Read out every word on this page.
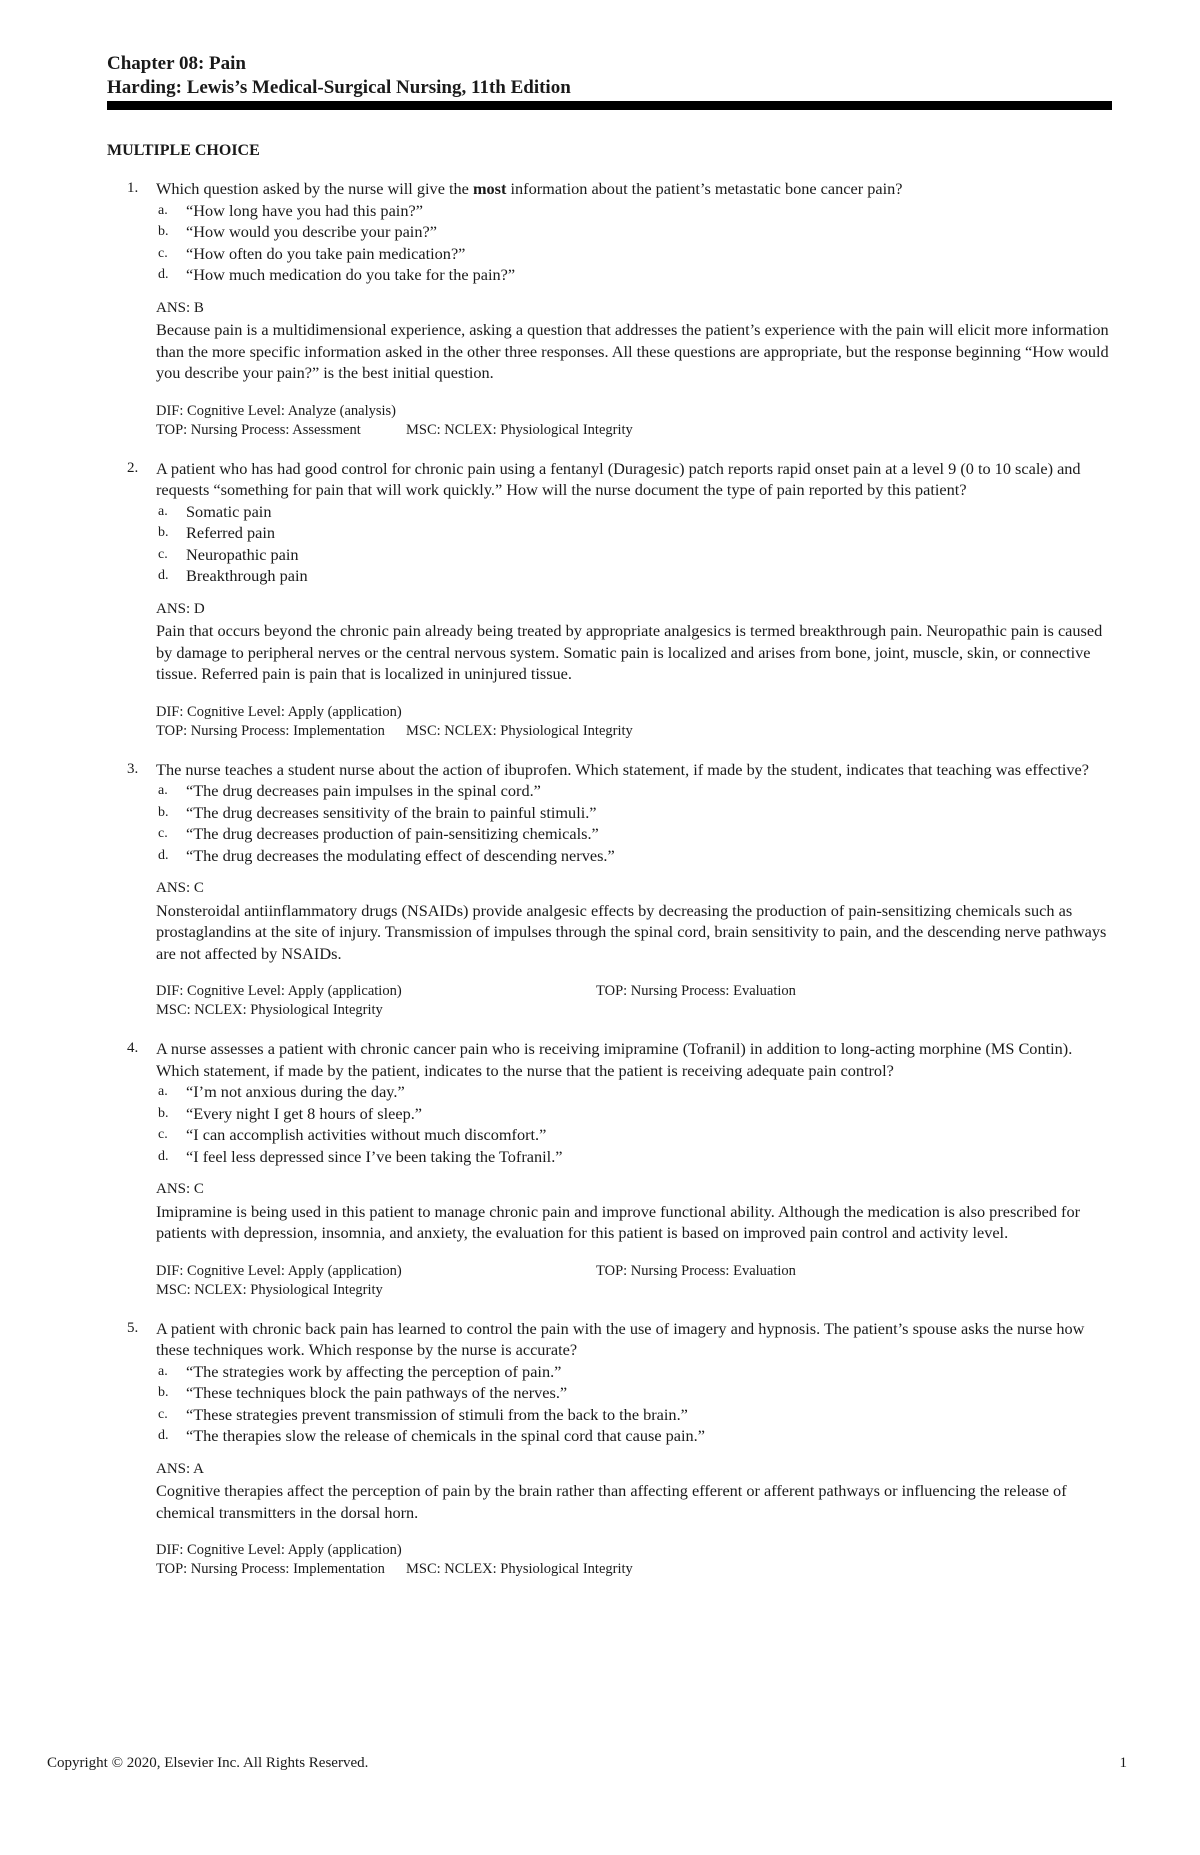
Chapter 08: Pain
Harding: Lewis’s Medical-Surgical Nursing, 11th Edition
MULTIPLE CHOICE
1. Which question asked by the nurse will give the most information about the patient’s metastatic bone cancer pain?
a. “How long have you had this pain?”
b. “How would you describe your pain?”
c. “How often do you take pain medication?”
d. “How much medication do you take for the pain?”
ANS: B
Because pain is a multidimensional experience, asking a question that addresses the patient’s experience with the pain will elicit more information than the more specific information asked in the other three responses. All these questions are appropriate, but the response beginning “How would you describe your pain?” is the best initial question.
DIF: Cognitive Level: Analyze (analysis)
TOP: Nursing Process: Assessment	MSC: NCLEX: Physiological Integrity
2. A patient who has had good control for chronic pain using a fentanyl (Duragesic) patch reports rapid onset pain at a level 9 (0 to 10 scale) and requests “something for pain that will work quickly.” How will the nurse document the type of pain reported by this patient?
a. Somatic pain
b. Referred pain
c. Neuropathic pain
d. Breakthrough pain
ANS: D
Pain that occurs beyond the chronic pain already being treated by appropriate analgesics is termed breakthrough pain. Neuropathic pain is caused by damage to peripheral nerves or the central nervous system. Somatic pain is localized and arises from bone, joint, muscle, skin, or connective tissue. Referred pain is pain that is localized in uninjured tissue.
DIF: Cognitive Level: Apply (application)
TOP: Nursing Process: Implementation MSC: NCLEX: Physiological Integrity
3. The nurse teaches a student nurse about the action of ibuprofen. Which statement, if made by the student, indicates that teaching was effective?
a. “The drug decreases pain impulses in the spinal cord.”
b. “The drug decreases sensitivity of the brain to painful stimuli.”
c. “The drug decreases production of pain-sensitizing chemicals.”
d. “The drug decreases the modulating effect of descending nerves.”
ANS: C
Nonsteroidal antiinflammatory drugs (NSAIDs) provide analgesic effects by decreasing the production of pain-sensitizing chemicals such as prostaglandins at the site of injury. Transmission of impulses through the spinal cord, brain sensitivity to pain, and the descending nerve pathways are not affected by NSAIDs.
DIF: Cognitive Level: Apply (application)	TOP: Nursing Process: Evaluation
MSC: NCLEX: Physiological Integrity
4. A nurse assesses a patient with chronic cancer pain who is receiving imipramine (Tofranil) in addition to long-acting morphine (MS Contin). Which statement, if made by the patient, indicates to the nurse that the patient is receiving adequate pain control?
a. “I’m not anxious during the day.”
b. “Every night I get 8 hours of sleep.”
c. “I can accomplish activities without much discomfort.”
d. “I feel less depressed since I’ve been taking the Tofranil.”
ANS: C
Imipramine is being used in this patient to manage chronic pain and improve functional ability. Although the medication is also prescribed for patients with depression, insomnia, and anxiety, the evaluation for this patient is based on improved pain control and activity level.
DIF: Cognitive Level: Apply (application)	TOP: Nursing Process: Evaluation
MSC: NCLEX: Physiological Integrity
5. A patient with chronic back pain has learned to control the pain with the use of imagery and hypnosis. The patient’s spouse asks the nurse how these techniques work. Which response by the nurse is accurate?
a. “The strategies work by affecting the perception of pain.”
b. “These techniques block the pain pathways of the nerves.”
c. “These strategies prevent transmission of stimuli from the back to the brain.”
d. “The therapies slow the release of chemicals in the spinal cord that cause pain.”
ANS: A
Cognitive therapies affect the perception of pain by the brain rather than affecting efferent or afferent pathways or influencing the release of chemical transmitters in the dorsal horn.
DIF: Cognitive Level: Apply (application)
TOP: Nursing Process: Implementation MSC: NCLEX: Physiological Integrity
Copyright © 2020, Elsevier Inc. All Rights Reserved.	1
